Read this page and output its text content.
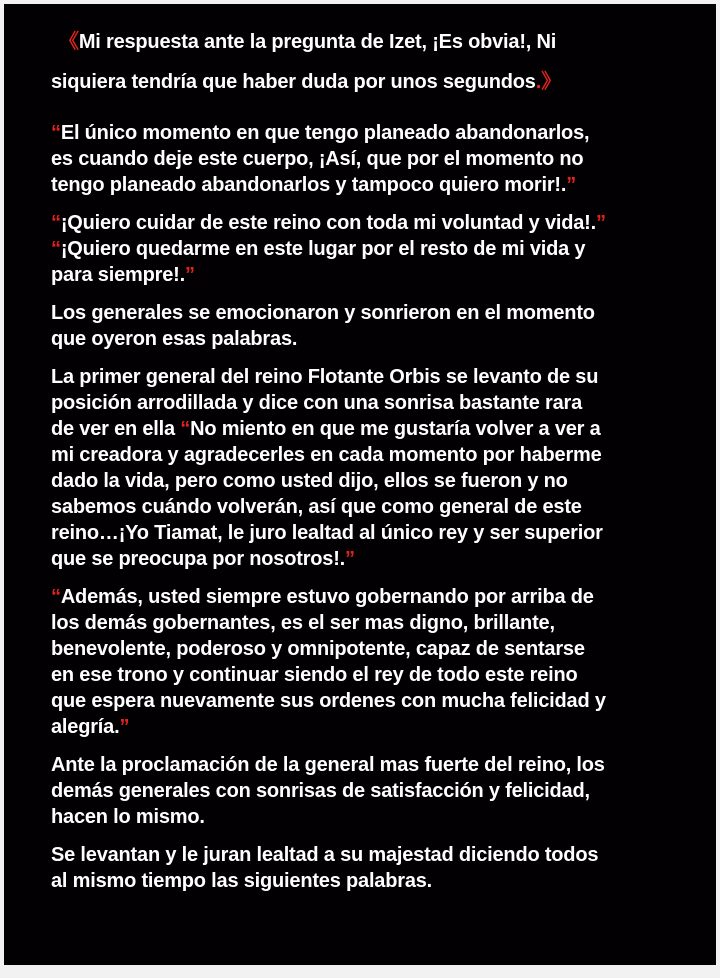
《Mi respuesta ante la pregunta de Izet, ¡Es obvia!, Ni
siquiera tendría que haber duda por unos segundos.》
“El único momento en que tengo planeado abandonarlos,
es cuando deje este cuerpo, ¡Así, que por el momento no
tengo planeado abandonarlos y tampoco quiero morir!.”
“¡Quiero cuidar de este reino con toda mi voluntad y vida!.”
“¡Quiero quedarme en este lugar por el resto de mi vida y
para siempre!.”
Los generales se emocionaron y sonrieron en el momento
que oyeron esas palabras.
La primer general del reino Flotante Orbis se levanto de su
posición arrodillada y dice con una sonrisa bastante rara
de ver en ella “No miento en que me gustaría volver a ver a
mi creadora y agradecerles en cada momento por haberme
dado la vida, pero como usted dijo, ellos se fueron y no
sabemos cuándo volverán, así que como general de este
reino…¡Yo Tiamat, le juro lealtad al único rey y ser superior
que se preocupa por nosotros!.”
“Además, usted siempre estuvo gobernando por arriba de
los demás gobernantes, es el ser mas digno, brillante,
benevolente, poderoso y omnipotente, capaz de sentarse
en ese trono y continuar siendo el rey de todo este reino
que espera nuevamente sus ordenes con mucha felicidad y
alegría.”
Ante la proclamación de la general mas fuerte del reino, los
demás generales con sonrisas de satisfacción y felicidad,
hacen lo mismo.
Se levantan y le juran lealtad a su majestad diciendo todos
al mismo tiempo las siguientes palabras.
